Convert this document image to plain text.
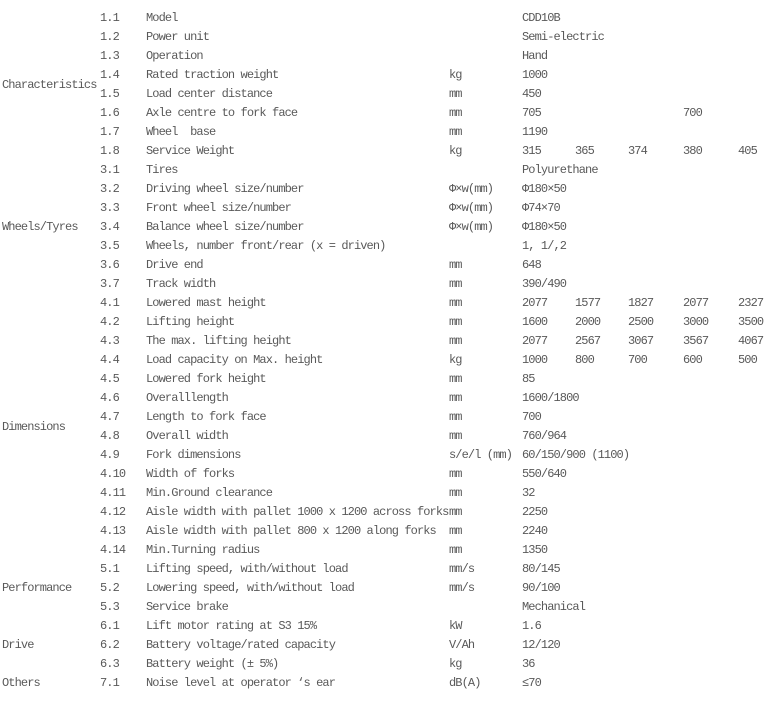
Characteristics
1.1	Model	CDD10B
1.2	Power unit	Semi-electric
1.3	Operation	Hand
1.4	Rated traction weight	kg	1000
1.5	Load center distance	mm	450
1.6	Axle centre to fork face	mm	705	700
1.7	Wheel  base	mm	1190
1.8	Service Weight	kg	315	365	374	380	405
Wheels/Tyres
3.1	Tires	Polyurethane
3.2	Driving wheel size/number	Φ×w(mm)	Φ180×50
3.3	Front wheel size/number	Φ×w(mm)	Φ74×70
3.4	Balance wheel size/number	Φ×w(mm)	Φ180×50
3.5	Wheels, number front/rear (x = driven)	1, 1/,2
3.6	Drive end	mm	648
3.7	Track width	mm	390/490
Dimensions
4.1	Lowered mast height	mm	2077	1577	1827	2077	2327
4.2	Lifting height	mm	1600	2000	2500	3000	3500
4.3	The max. lifting height	mm	2077	2567	3067	3567	4067
4.4	Load capacity on Max. height	kg	1000	800	700	600	500
4.5	Lowered fork height	mm	85
4.6	Overalllength	mm	1600/1800
4.7	Length to fork face	mm	700
4.8	Overall width	mm	760/964
4.9	Fork dimensions	s/e/l (mm) 60/150/900 (1100)
4.10	Width of forks	mm	550/640
4.11	Min.Ground clearance	mm	32
4.12	Aisle width with pallet 1000 x 1200 across forks mm	2250
4.13	Aisle width with pallet 800 x 1200 along forks	mm	2240
4.14	Min.Turning radius	mm	1350
Performance
5.1	Lifting speed, with/without load	mm/s	80/145
5.2	Lowering speed, with/without load	mm/s	90/100
5.3	Service brake	Mechanical
Drive
6.1	Lift motor rating at S3 15%	kW	1.6
6.2	Battery voltage/rated capacity	V/Ah	12/120
6.3	Battery weight (± 5%)	kg	36
Others	7.1	Noise level at operator ‘s ear	dB(A)	≤70
